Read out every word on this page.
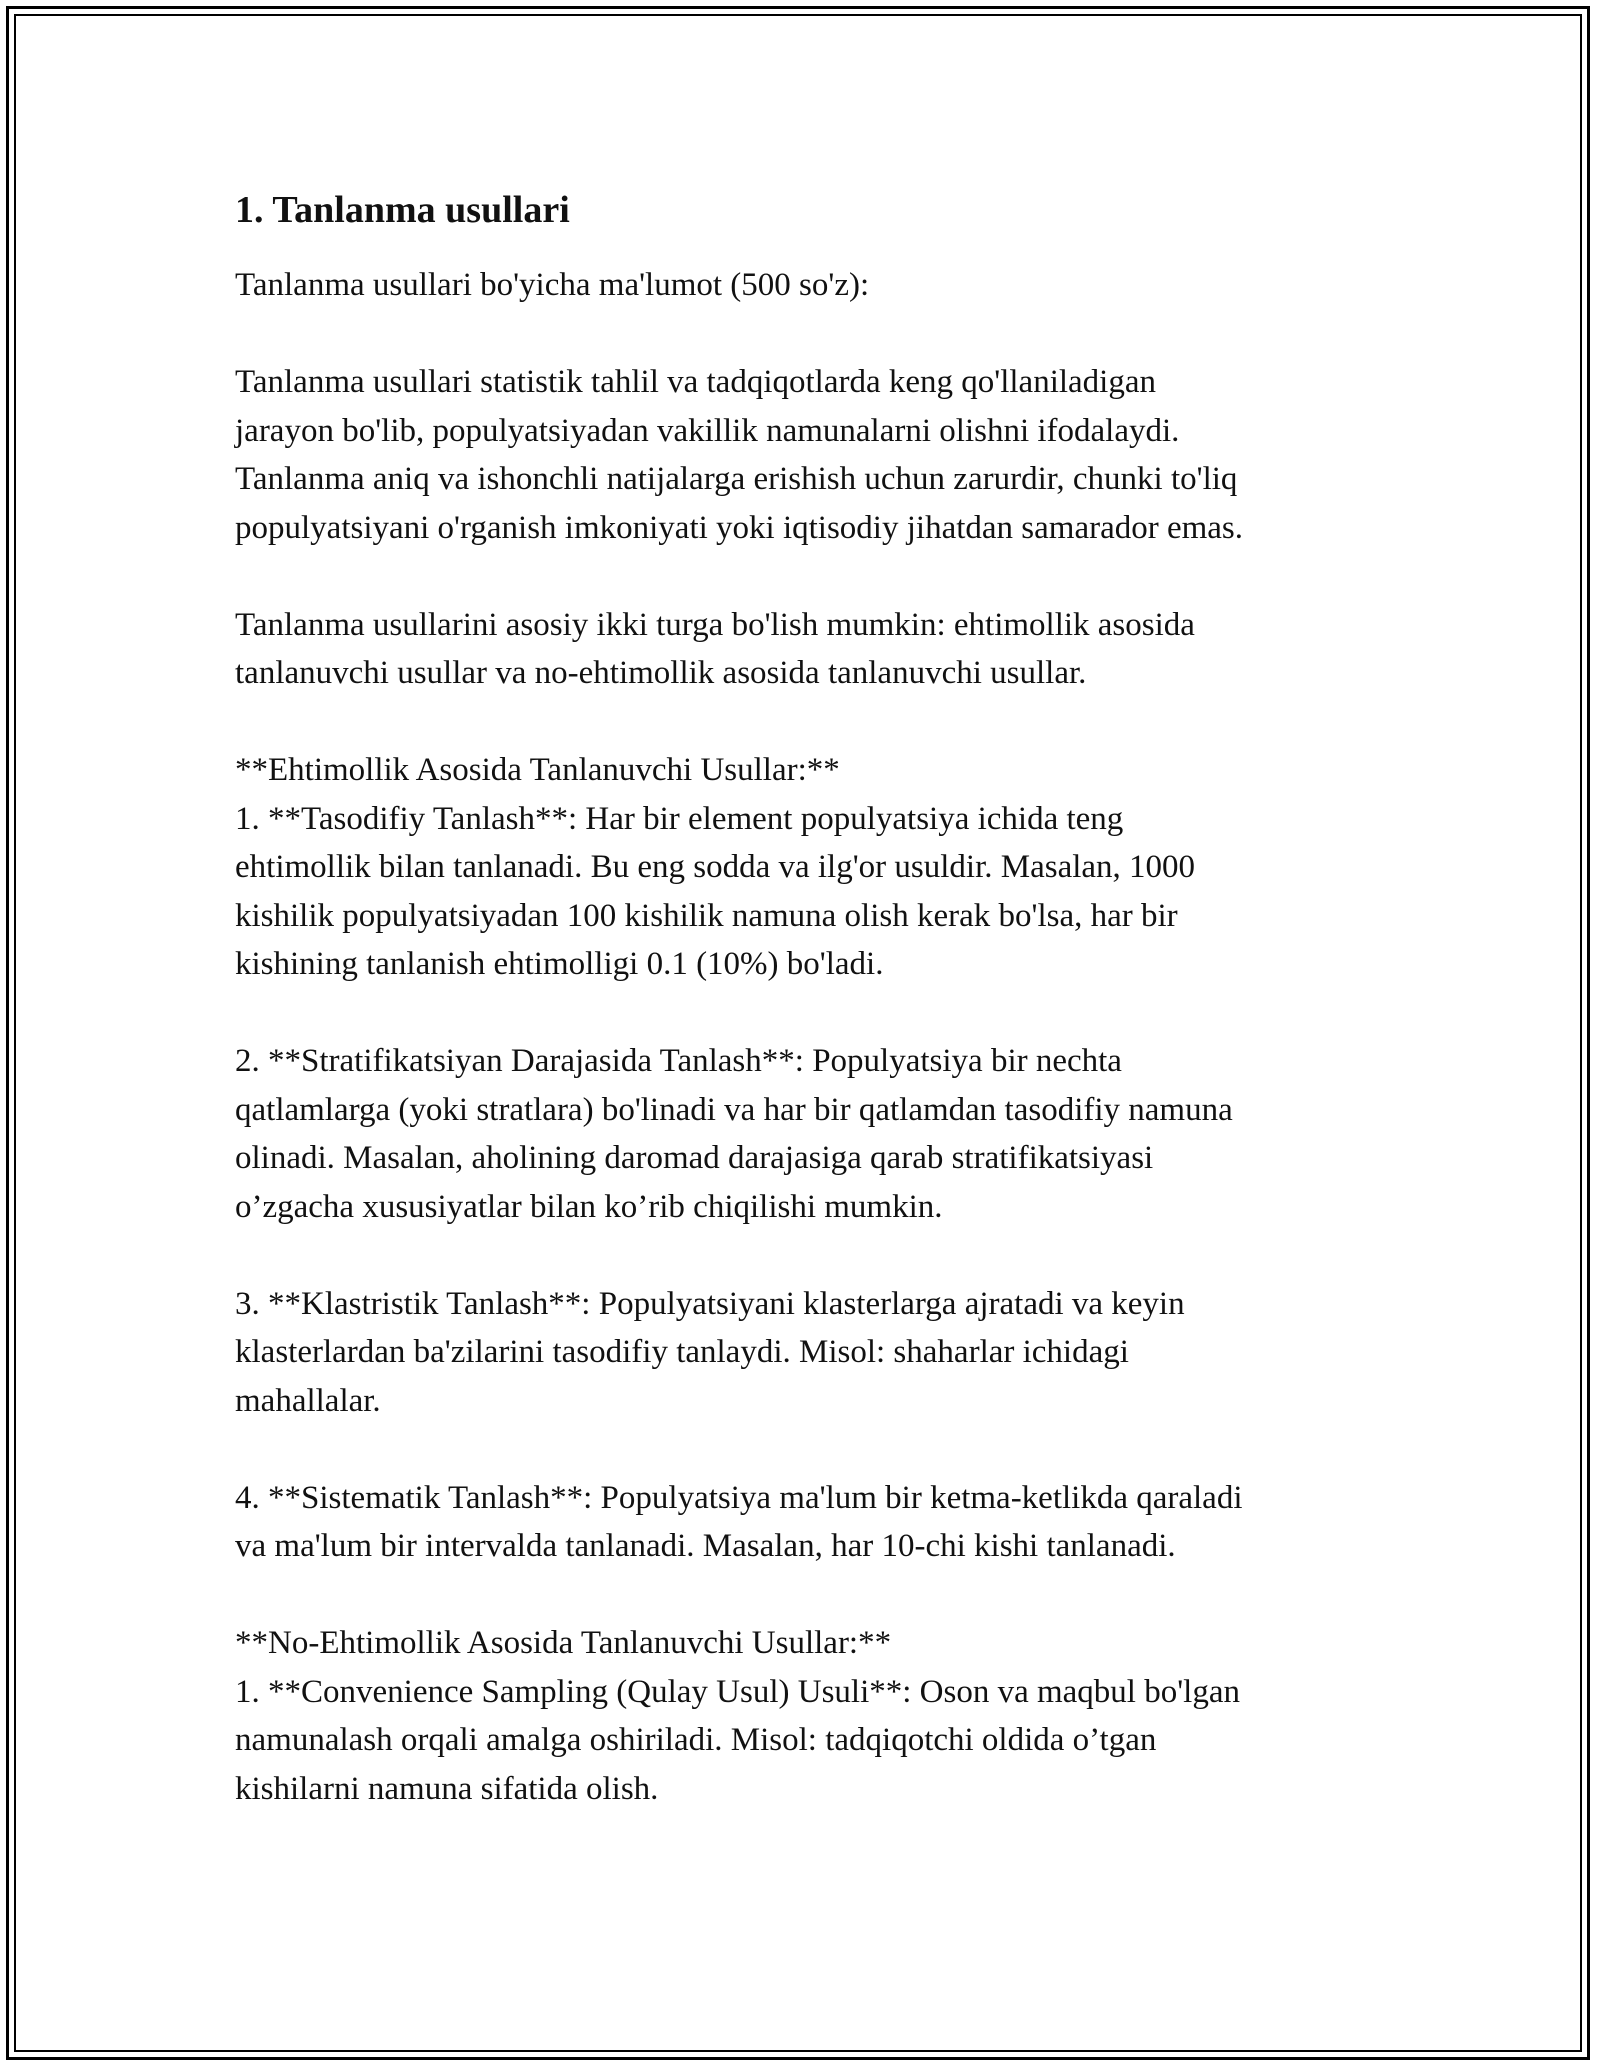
1. Tanlanma usullari

Tanlanma usullari bo'yicha ma'lumot (500 so'z):

Tanlanma usullari statistik tahlil va tadqiqotlarda keng qo'llaniladigan

jarayon bo'lib, populyatsiyadan vakillik namunalarni olishni ifodalaydi.

Tanlanma aniq va ishonchli natijalarga erishish uchun zarurdir, chunki to'liq

populyatsiyani o'rganish imkoniyati yoki iqtisodiy jihatdan samarador emas.

Tanlanma usullarini asosiy ikki turga bo'lish mumkin: ehtimollik asosida

tanlanuvchi usullar va no-ehtimollik asosida tanlanuvchi usullar.

**Ehtimollik Asosida Tanlanuvchi Usullar:**

1. **Tasodifiy Tanlash**: Har bir element populyatsiya ichida teng

ehtimollik bilan tanlanadi. Bu eng sodda va ilg'or usuldir. Masalan, 1000

kishilik populyatsiyadan 100 kishilik namuna olish kerak bo'lsa, har bir

kishining tanlanish ehtimolligi 0.1 (10%) bo'ladi.

2. **Stratifikatsiyan Darajasida Tanlash**: Populyatsiya bir nechta

qatlamlarga (yoki stratlara) bo'linadi va har bir qatlamdan tasodifiy namuna

olinadi. Masalan, aholining daromad darajasiga qarab stratifikatsiyasi

o’zgacha xususiyatlar bilan ko’rib chiqilishi mumkin.

3. **Klastristik Tanlash**: Populyatsiyani klasterlarga ajratadi va keyin

klasterlardan ba'zilarini tasodifiy tanlaydi. Misol: shaharlar ichidagi

mahallalar.

4. **Sistematik Tanlash**: Populyatsiya ma'lum bir ketma-ketlikda qaraladi

va ma'lum bir intervalda tanlanadi. Masalan, har 10-chi kishi tanlanadi.

**No-Ehtimollik Asosida Tanlanuvchi Usullar:**

1. **Convenience Sampling (Qulay Usul) Usuli**: Oson va maqbul bo'lgan

namunalash orqali amalga oshiriladi. Misol: tadqiqotchi oldida o’tgan

kishilarni namuna sifatida olish.
